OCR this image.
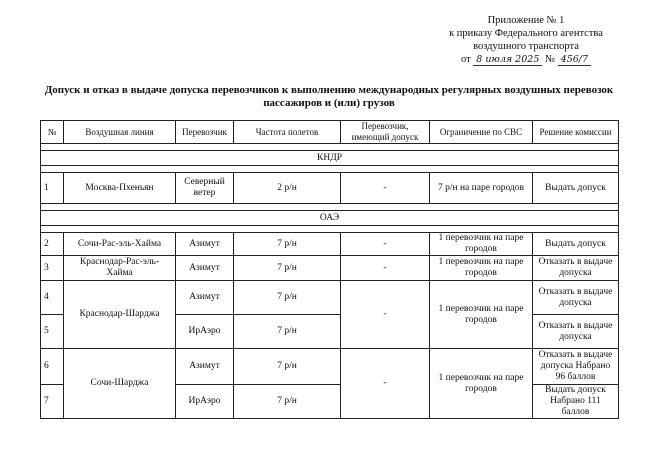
Приложение № 1
к приказу Федерального агентства
воздушного транспорта
от 8 июля 2025 № 456/7
Допуск и отказ в выдаче допуска перевозчиков к выполнению международных регулярных воздушных перевозок пассажиров и (или) грузов
№	Воздушная линия	Перевозчик	Частота полетов	Перевозчик, имеющий допуск	Ограничение по СВС	Решение комиссии

КНДР						

1	Москва-Пхеньян	Северный ветер	2 р/н	-	7 р/н на паре городов	Выдать допуск

ОАЭ						

2	Сочи-Рас-эль-Хайма	Азимут	7 р/н	-	1 перевозчик на паре городов	Выдать допуск
3	Краснодар-Рас-эль-Хайма	Азимут	7 р/н	-	1 перевозчик на паре городов	Отказать в выдаче допуска
4	Краснодар-Шарджа	Азимут	7 р/н	-	1 перевозчик на паре городов	Отказать в выдаче допуска
5		ИрАэро	7 р/н			Отказать в выдаче допуска
6	Сочи-Шарджа	Азимут	7 р/н	-	1 перевозчик на паре городов	Отказать в выдаче допуска Набрано 96 баллов
7		ИрАэро	7 р/н			Выдать допуск Набрано 111 баллов
